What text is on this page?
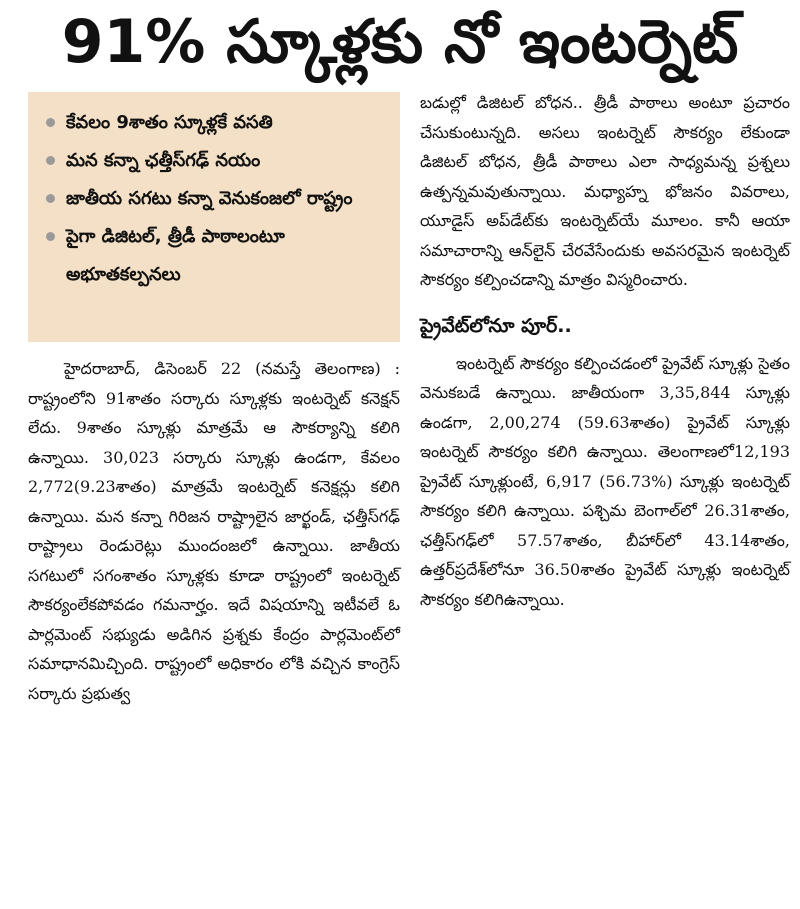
91% స్కూళ్లకు నో ఇంటర్నెట్
కేవలం 9శాతం స్కూళ్లకే వసతి
మన కన్నా ఛత్తీస్‌గఢ్ నయం
జాతీయ సగటు కన్నా వెనుకంజలో రాష్ట్రం
పైగా డిజిటల్, త్రీడీ పాఠాలంటూ అభూతకల్పనలు

హైదరాబాద్, డిసెంబర్ 22 (నమస్తే తెలంగాణ) : రాష్ట్రంలోని 91శాతం సర్కారు స్కూళ్లకు ఇంటర్నెట్ కనెక్షన్ లేదు. 9శాతం స్కూళ్లు మాత్రమే ఆ సౌకర్యాన్ని కలిగి ఉన్నాయి. 30,023 సర్కారు స్కూళ్లు ఉండగా, కేవలం 2,772(9.23శాతం) మాత్రమే ఇంటర్నెట్ కనెక్షన్లు కలిగి ఉన్నాయి. మన కన్నా గిరిజన రాష్ట్రాలైన జార్ఖండ్, ఛత్తీస్‌గఢ్ రాష్ట్రాలు రెండురెట్లు ముందంజలో ఉన్నాయి. జాతీయ సగటులో సగంశాతం స్కూళ్లకు కూడా రాష్ట్రంలో ఇంటర్నెట్ సౌకర్యంలేకపోవడం గమనార్హం. ఇదే విషయాన్ని ఇటీవలే ఓ పార్లమెంట్ సభ్యుడు అడిగిన ప్రశ్నకు కేంద్రం పార్లమెంట్‌లో సమాధానమిచ్చింది. రాష్ట్రంలో అధికారం లోకి వచ్చిన కాంగ్రెస్ సర్కారు ప్రభుత్వ

బడుల్లో డిజిటల్ బోధన.. త్రీడీ పాఠాలు అంటూ ప్రచారం చేసుకుంటున్నది. అసలు ఇంటర్నెట్ సౌకర్యం లేకుండా డిజిటల్ బోధన, త్రీడీ పాఠాలు ఎలా సాధ్యమన్న ప్రశ్నలు ఉత్పన్నమవుతున్నాయి. మధ్యాహ్న భోజనం వివరాలు, యూడైస్ అప్‌డేట్‌కు ఇంటర్నెట్‌యే మూలం. కానీ ఆయా సమాచారాన్ని ఆన్‌లైన్ చేరవేసేందుకు అవసరమైన ఇంటర్నెట్ సౌకర్యం కల్పించడాన్ని మాత్రం విస్మరించారు.

ప్రైవేట్‌లోనూ పూర్..

ఇంటర్నెట్ సౌకర్యం కల్పించడంలో ప్రైవేట్ స్కూళ్లు సైతం వెనుకబడే ఉన్నాయి. జాతీయంగా 3,35,844 స్కూళ్లు ఉండగా, 2,00,274 (59.63శాతం) ప్రైవేట్ స్కూళ్లు ఇంటర్నెట్ సౌకర్యం కలిగి ఉన్నాయి. తెలంగాణలో12,193 ప్రైవేట్ స్కూళ్లుంటే, 6,917 (56.73%) స్కూళ్లు ఇంటర్నెట్ సౌకర్యం కలిగి ఉన్నాయి. పశ్చిమ బెంగాల్‌లో 26.31శాతం, ఛత్తీస్‌గఢ్‌లో 57.57శాతం, బీహార్‌లో 43.14శాతం, ఉత్తర్‌ప్రదేశ్‌లోనూ 36.50శాతం ప్రైవేట్ స్కూళ్లు ఇంటర్నెట్ సౌకర్యం కలిగిఉన్నాయి.
